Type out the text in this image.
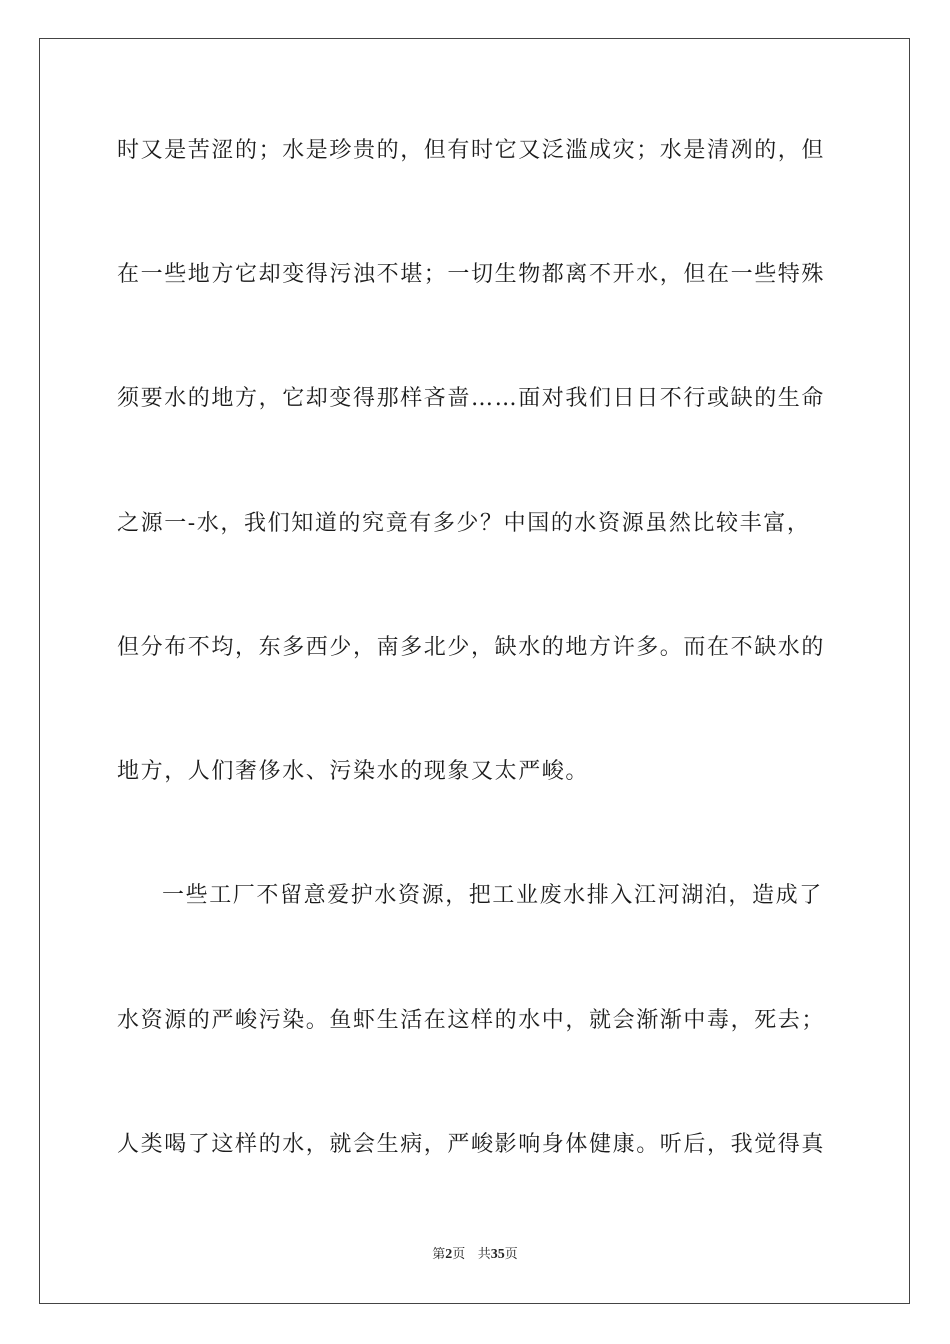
时又是苦涩的；水是珍贵的，但有时它又泛滥成灾；水是清冽的，但
在一些地方它却变得污浊不堪；一切生物都离不开水，但在一些特殊
须要水的地方，它却变得那样吝啬……面对我们日日不行或缺的生命
之源一-水，我们知道的究竟有多少？中国的水资源虽然比较丰富，
但分布不均，东多西少，南多北少，缺水的地方许多。而在不缺水的
地方，人们奢侈水、污染水的现象又太严峻。
一些工厂不留意爱护水资源，把工业废水排入江河湖泊，造成了
水资源的严峻污染。鱼虾生活在这样的水中，就会渐渐中毒，死去；
人类喝了这样的水，就会生病，严峻影响身体健康。听后，我觉得真
第2页 共35页
